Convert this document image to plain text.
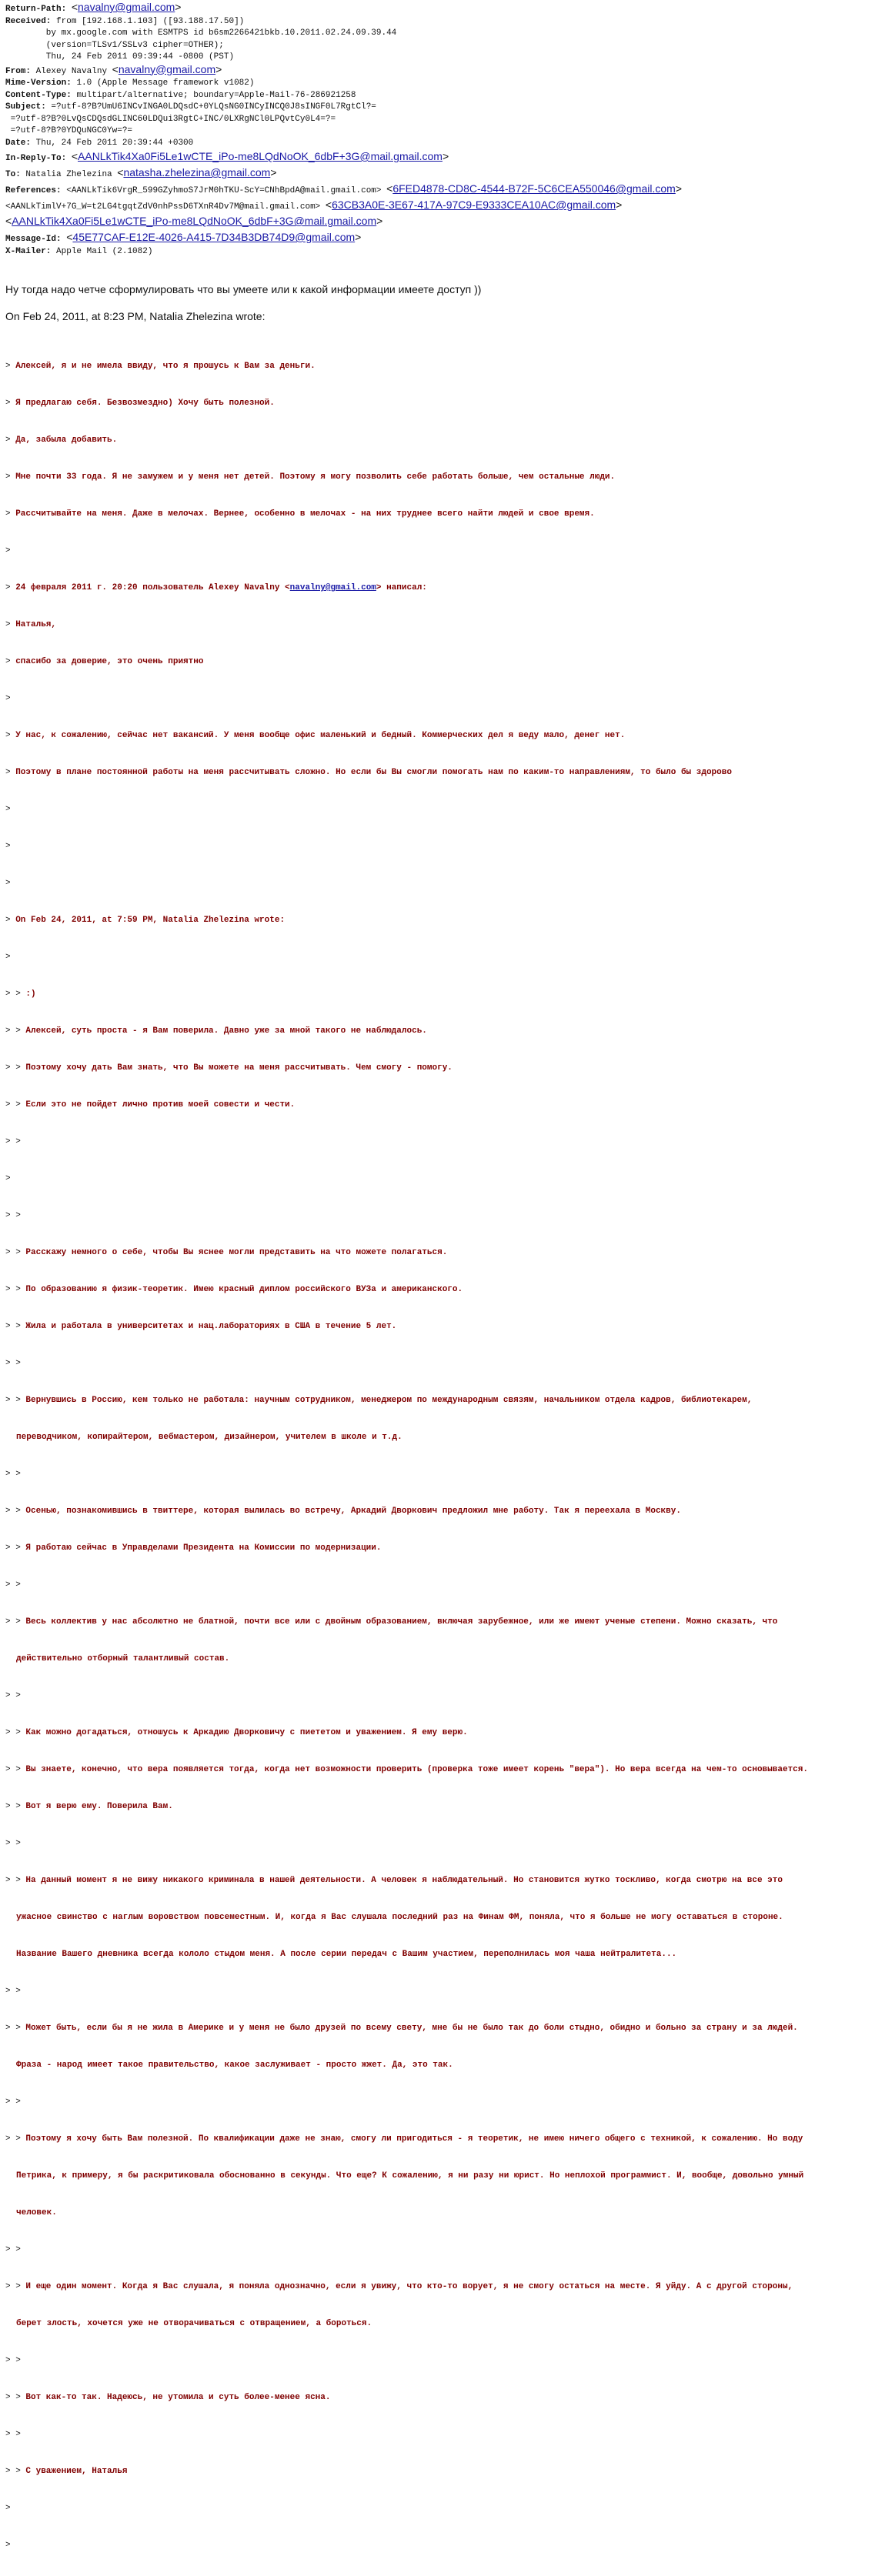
Return-Path: <navalny@gmail.com>
Received: from [192.168.1.103] ([93.188.17.50])
by mx.google.com with ESMTPS id b6sm2266421bkb.10.2011.02.24.09.39.44
(version=TLSv1/SSLv3 cipher=OTHER);
Thu, 24 Feb 2011 09:39:44 -0800 (PST)
From: Alexey Navalny <navalny@gmail.com>
Mime-Version: 1.0 (Apple Message framework v1082)
Content-Type: multipart/alternative; boundary=Apple-Mail-76-286921258
Subject: =?utf-8?B?UmU6INCvINGA0LDQsdC+0YLQsNG0INCyINCQ0J8sINGF0L7RgtCl?=
=?utf-8?B?0LvQsCDQsdGLINC60LDQui3RgtC+INC/0LXRgNCl0LPQvtCy0L4=?=
=?utf-8?B?0YDQuNGC0Yw=?=
Date: Thu, 24 Feb 2011 20:39:44 +0300
In-Reply-To: <AANLkTik4Xa0Fi5Le1wCTE_iPo-me8LQdNoOK_6dbF+3G@mail.gmail.com>
To: Natalia Zhelezina <natasha.zhelezina@gmail.com>
References: <AANLkTik6VrgR_599GZyhmoS7JrM0hTKU-ScY=CNhBpdA@mail.gmail.com> <6FED4878-CD8C-4544-B72F-5C6CEA550046@gmail.com>
<AANLkTimlV+7G_W=t2LG4tgqtZdV0nhPssD6TXnR4Dv7M@mail.gmail.com> <63CB3A0E-3E67-417A-97C9-E9333CEA10AC@gmail.com>
<AANLkTik4Xa0Fi5Le1wCTE_iPo-me8LQdNoOK_6dbF+3G@mail.gmail.com>
Message-Id: <45E77CAF-E12E-4026-A415-7D34B3DB74D9@gmail.com>
X-Mailer: Apple Mail (2.1082)
Ну тогда надо четче сформулировать что вы умеете или к какой информации имеете доступ ))
On Feb 24, 2011, at 8:23 PM, Natalia Zhelezina wrote:

> Алексей, я и не имела ввиду, что я прошусь к Вам за деньги.

> Я предлагаю себя. Безвозмездно) Хочу быть полезной.

> Да, забыла добавить.

> Мне почти 33 года. Я не замужем и у меня нет детей. Поэтому я могу позволить себе работать больше, чем остальные люди.

> Рассчитывайте на меня. Даже в мелочах. Вернее, особенно в мелочах - на них труднее всего найти людей и свое время.

>

> 24 февраля 2011 г. 20:20 пользователь Alexey Navalny <navalny@gmail.com> написал:

> Наталья,

> спасибо за доверие, это очень приятно

>

> У нас, к сожалению, сейчас нет вакансий. У меня вообще офис маленький и бедный. Коммерческих дел я веду мало, денег нет.

> Поэтому в плане постоянной работы на меня рассчитывать сложно. Но если бы Вы смогли помогать нам по каким-то направлениям, то было бы здорово

>

>

>

> On Feb 24, 2011, at 7:59 PM, Natalia Zhelezina wrote:

>

> > :)

> > Алексей, суть проста - я Вам поверила. Давно уже за мной такого не наблюдалось.

> > Поэтому хочу дать Вам знать, что Вы можете на меня рассчитывать. Чем смогу - помогу.

> > Если это не пойдет лично против моей совести и чести.

> >

>

> >

> > Расскажу немного о себе, чтобы Вы яснее могли представить на что можете полагаться.

> > По образованию я физик-теоретик. Имею красный диплом российского ВУЗа и американского.

> > Жила и работала в университетах и нац.лабораториях в США в течение 5 лет.

> >

> > Вернувшись в Россию, кем только не работала: научным сотрудником, менеджером по международным связям, начальником отдела кадров, библиотекарем,

переводчиком, копирайтером, вебмастером, дизайнером, учителем в школе и т.д.

> >

> > Осенью, познакомившись в твиттере, которая вылилась во встречу, Аркадий Дворкович предложил мне работу. Так я переехала в Москву.

> > Я работаю сейчас в Управделами Президента на Комиссии по модернизации.

> >

> > Весь коллектив у нас абсолютно не блатной, почти все или с двойным образованием, включая зарубежное, или же имеют ученые степени. Можно сказать, что

действительно отборный талантливый состав.

> >

> > Как можно догадаться, отношусь к Аркадию Дворковичу с пиететом и уважением. Я ему верю.

> > Вы знаете, конечно, что вера появляется тогда, когда нет возможности проверить (проверка тоже имеет корень "вера"). Но вера всегда на чем-то основывается.

> > Вот я верю ему. Поверила Вам.

> >

> > На данный момент я не вижу никакого криминала в нашей деятельности. А человек я наблюдательный. Но становится жутко тоскливо, когда смотрю на все это

ужасное свинство с наглым воровством повсеместным. И, когда я Вас слушала последний раз на Финам ФМ, поняла, что я больше не могу оставаться в стороне.

Название Вашего дневника всегда кололо стыдом меня. А после серии передач с Вашим участием, переполнилась моя чаша нейтралитета...

> >

> > Может быть, если бы я не жила в Америке и у меня не было друзей по всему свету, мне бы не было так до боли стыдно, обидно и больно за страну и за людей.

Фраза - народ имеет такое правительство, какое заслуживает - просто жжет. Да, это так.

> >

> > Поэтому я хочу быть Вам полезной. По квалификации даже не знаю, смогу ли пригодиться - я теоретик, не имею ничего общего с техникой, к сожалению. Но воду

Петрика, к примеру, я бы раскритиковала обоснованно в секунды. Что еще? К сожалению, я ни разу ни юрист. Но неплохой программист. И, вообще, довольно умный

человек.

> >

> > И еще один момент. Когда я Вас слушала, я поняла однозначно, если я увижу, что кто-то ворует, я не смогу остаться на месте. Я уйду. А с другой стороны,

берет злость, хочется уже не отворачиваться с отвращением, а бороться.

> >

> > Вот как-то так. Надеюсь, не утомила и суть более-менее ясна.

> >

> > С уважением, Наталья

>

>
